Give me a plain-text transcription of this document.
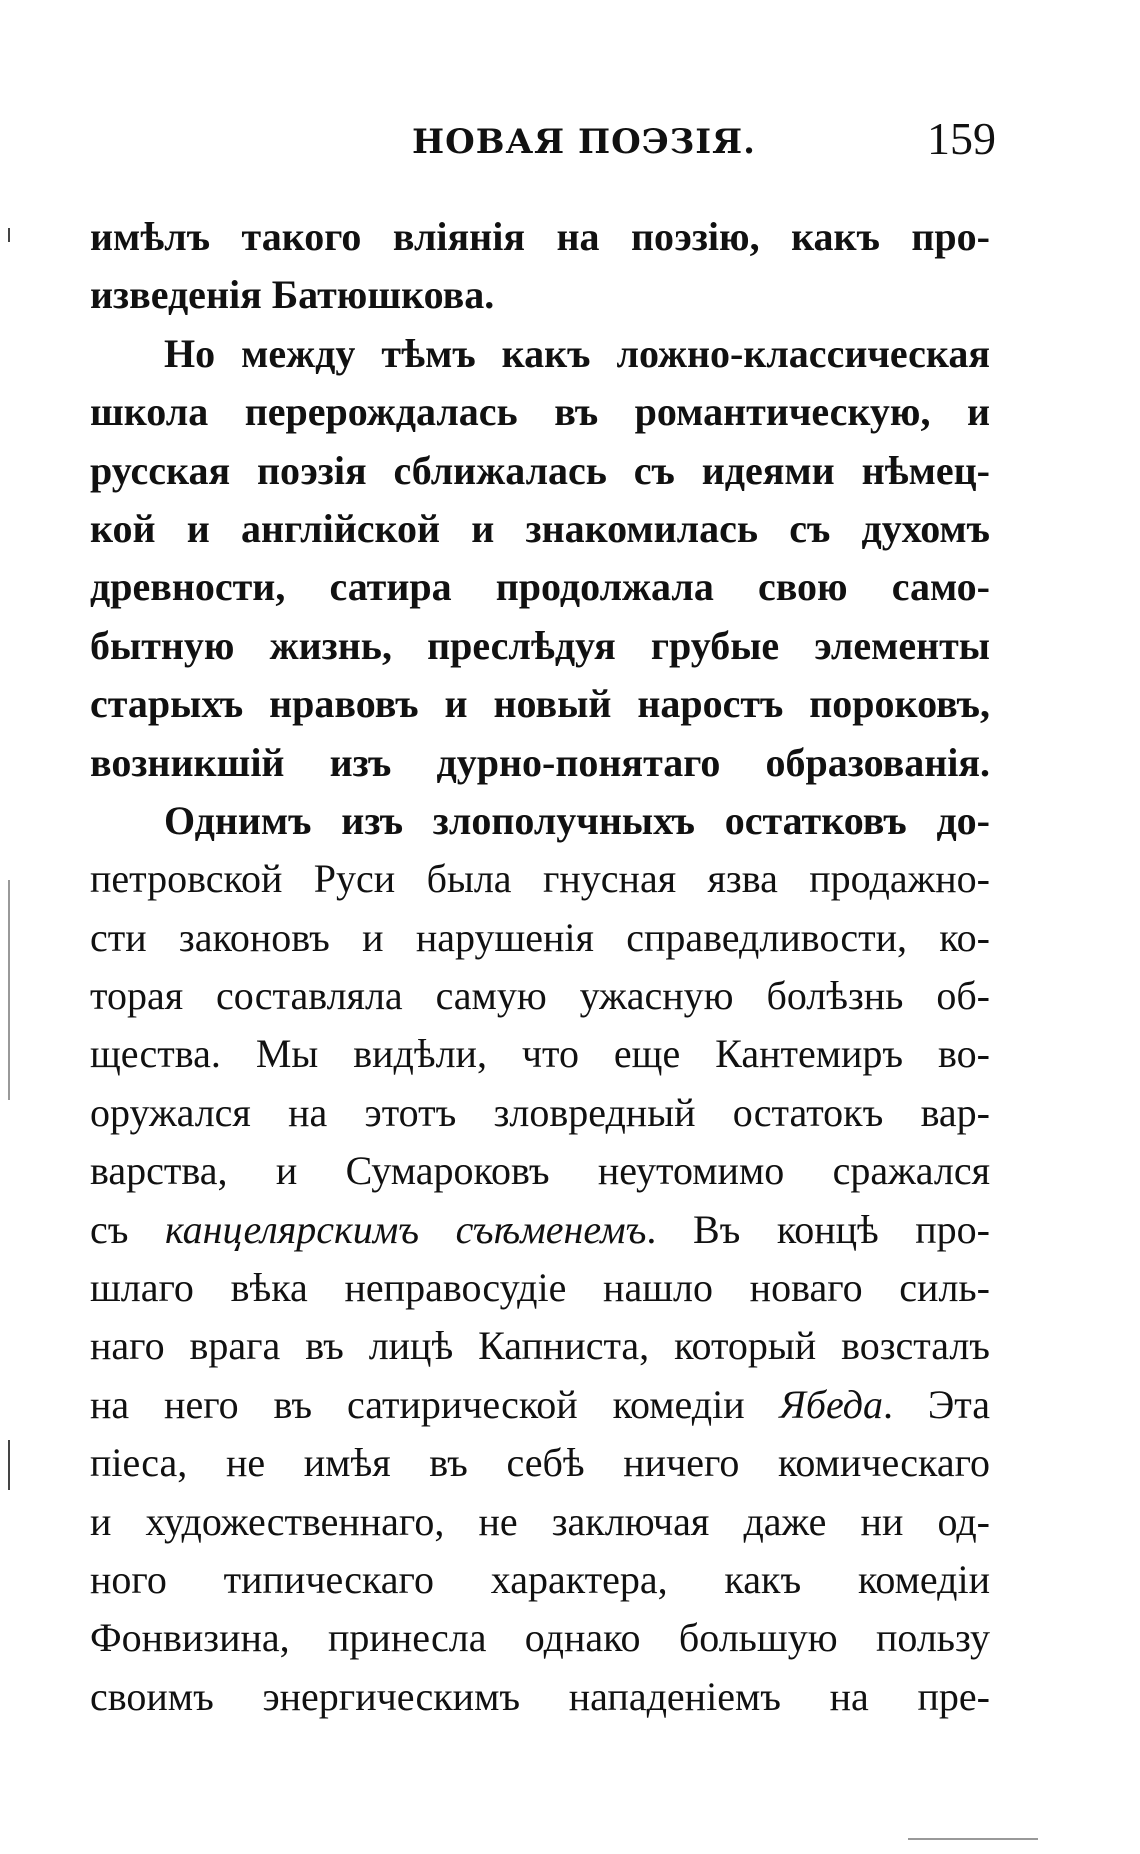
НОВАЯ ПОЭЗІЯ.	159
имѣлъ такого вліянія на поэзію, какъ про-
изведенія Батюшкова.
Но между тѣмъ какъ ложно-классическая
школа перерождалась въ романтическую, и
русская поэзія сближалась съ идеями нѣмец-
кой и англійской и знакомилась съ духомъ
древности, сатира продолжала свою само-
бытную жизнь, преслѣдуя грубые элементы
старыхъ нравовъ и новый наростъ пороковъ,
возникшій изъ дурно-понятаго образованія.
Однимъ изъ злополучныхъ остатковъ до-
петровской Руси была гнусная язва продажно-
сти законовъ и нарушенія справедливости, ко-
торая составляла самую ужасную болѣзнь об-
щества. Мы видѣли, что еще Кантемиръ во-
оружался на этотъ зловредный остатокъ вар-
варства, и Сумароковъ неутомимо сражался
съ канцелярскимъ съѣменемъ. Въ концѣ про-
шлаго вѣка неправосудіе нашло новаго силь-
наго врага въ лицѣ Капниста, который возсталъ
на него въ сатирической комедіи Ябеда. Эта
піеса, не имѣя въ себѣ ничего комическаго
и художественнаго, не заключая даже ни од-
ного типическаго характера, какъ комедіи
Фонвизина, принесла однако большую пользу
своимъ энергическимъ нападеніемъ на пре-
